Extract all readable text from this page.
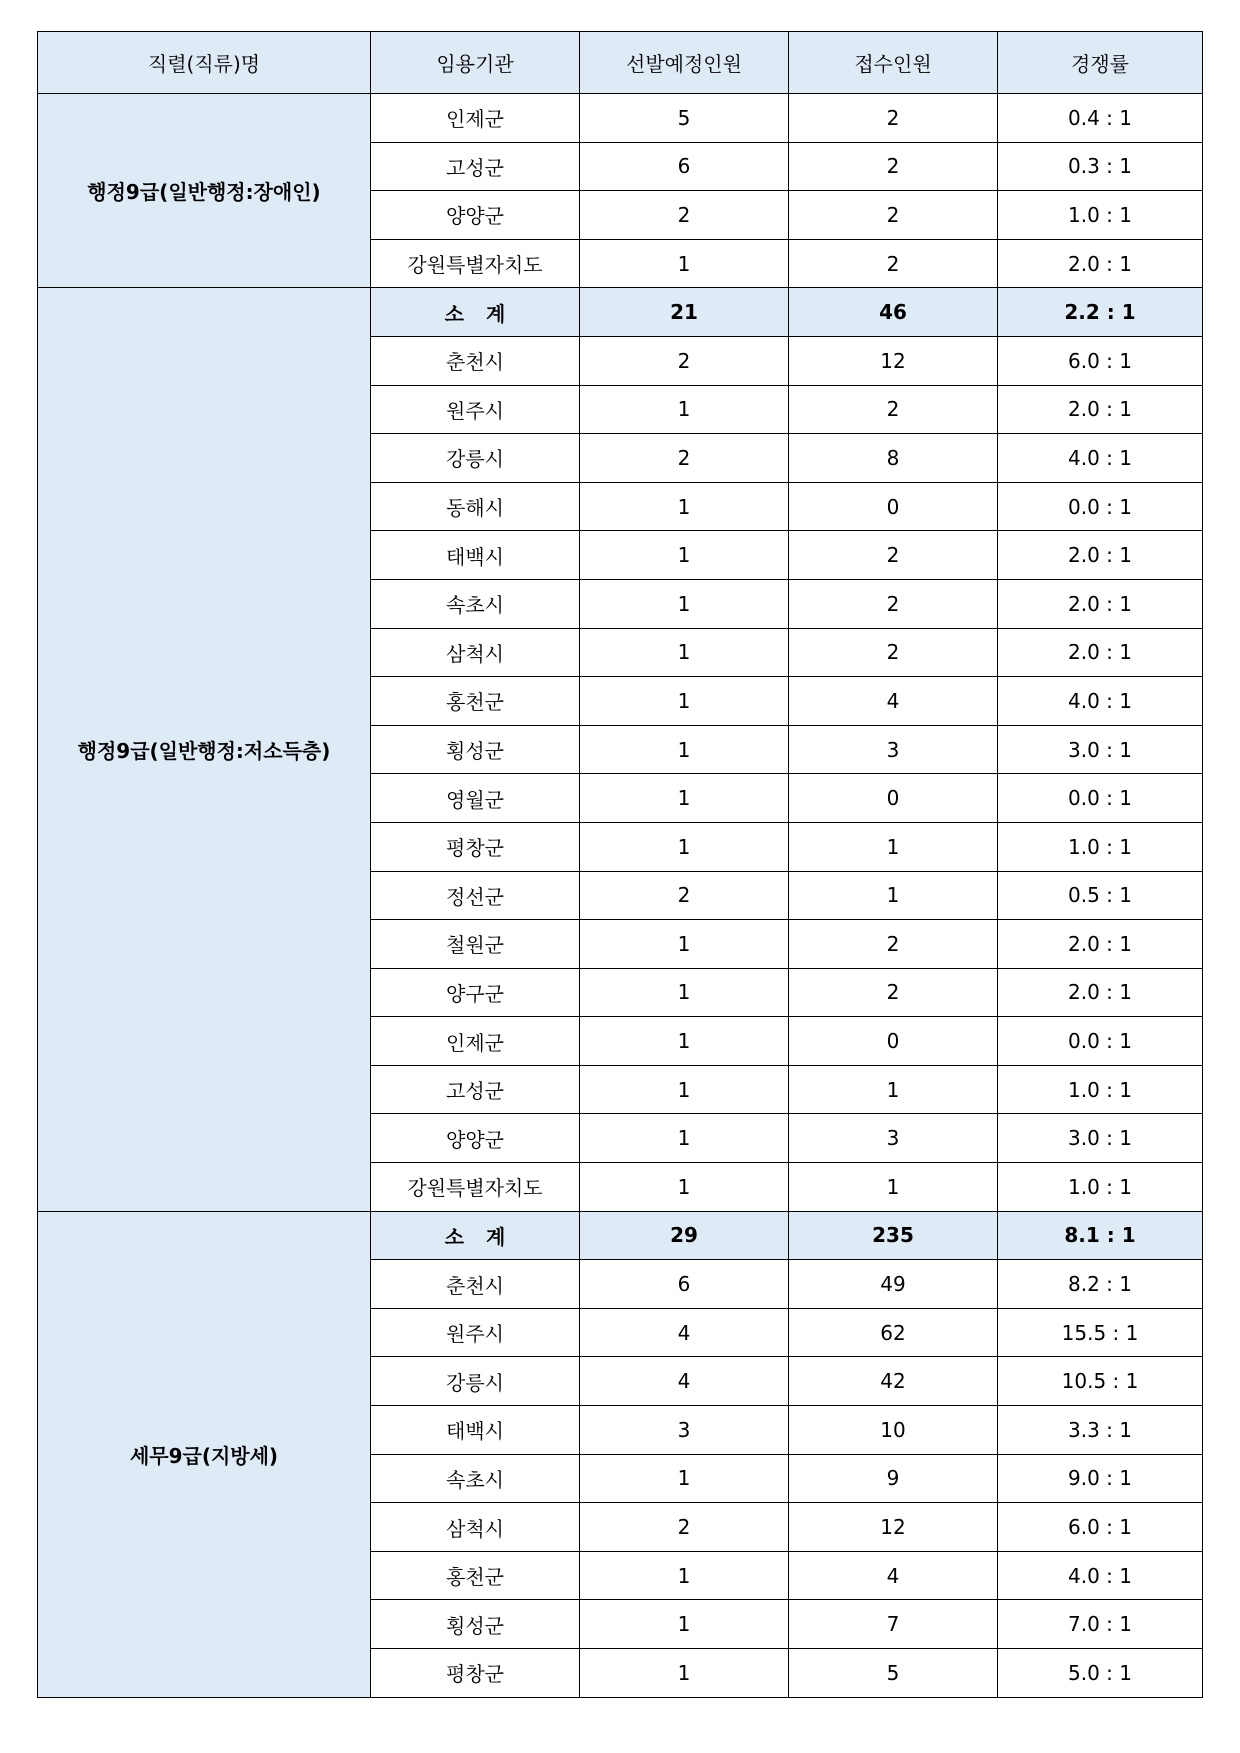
직렬(직류)명	임용기관	선발예정인원	접수인원	경쟁률
행정9급(일반행정:장애인)	인제군	5	2	0.4 : 1
	고성군	6	2	0.3 : 1
	양양군	2	2	1.0 : 1
	강원특별자치도	1	2	2.0 : 1
행정9급(일반행정:저소득층)	소계	21	46	2.2 : 1
	춘천시	2	12	6.0 : 1
	원주시	1	2	2.0 : 1
	강릉시	2	8	4.0 : 1
	동해시	1	0	0.0 : 1
	태백시	1	2	2.0 : 1
	속초시	1	2	2.0 : 1
	삼척시	1	2	2.0 : 1
	홍천군	1	4	4.0 : 1
	횡성군	1	3	3.0 : 1
	영월군	1	0	0.0 : 1
	평창군	1	1	1.0 : 1
	정선군	2	1	0.5 : 1
	철원군	1	2	2.0 : 1
	양구군	1	2	2.0 : 1
	인제군	1	0	0.0 : 1
	고성군	1	1	1.0 : 1
	양양군	1	3	3.0 : 1
	강원특별자치도	1	1	1.0 : 1
세무9급(지방세)	소계	29	235	8.1 : 1
	춘천시	6	49	8.2 : 1
	원주시	4	62	15.5 : 1
	강릉시	4	42	10.5 : 1
	태백시	3	10	3.3 : 1
	속초시	1	9	9.0 : 1
	삼척시	2	12	6.0 : 1
	홍천군	1	4	4.0 : 1
	횡성군	1	7	7.0 : 1
	평창군	1	5	5.0 : 1
